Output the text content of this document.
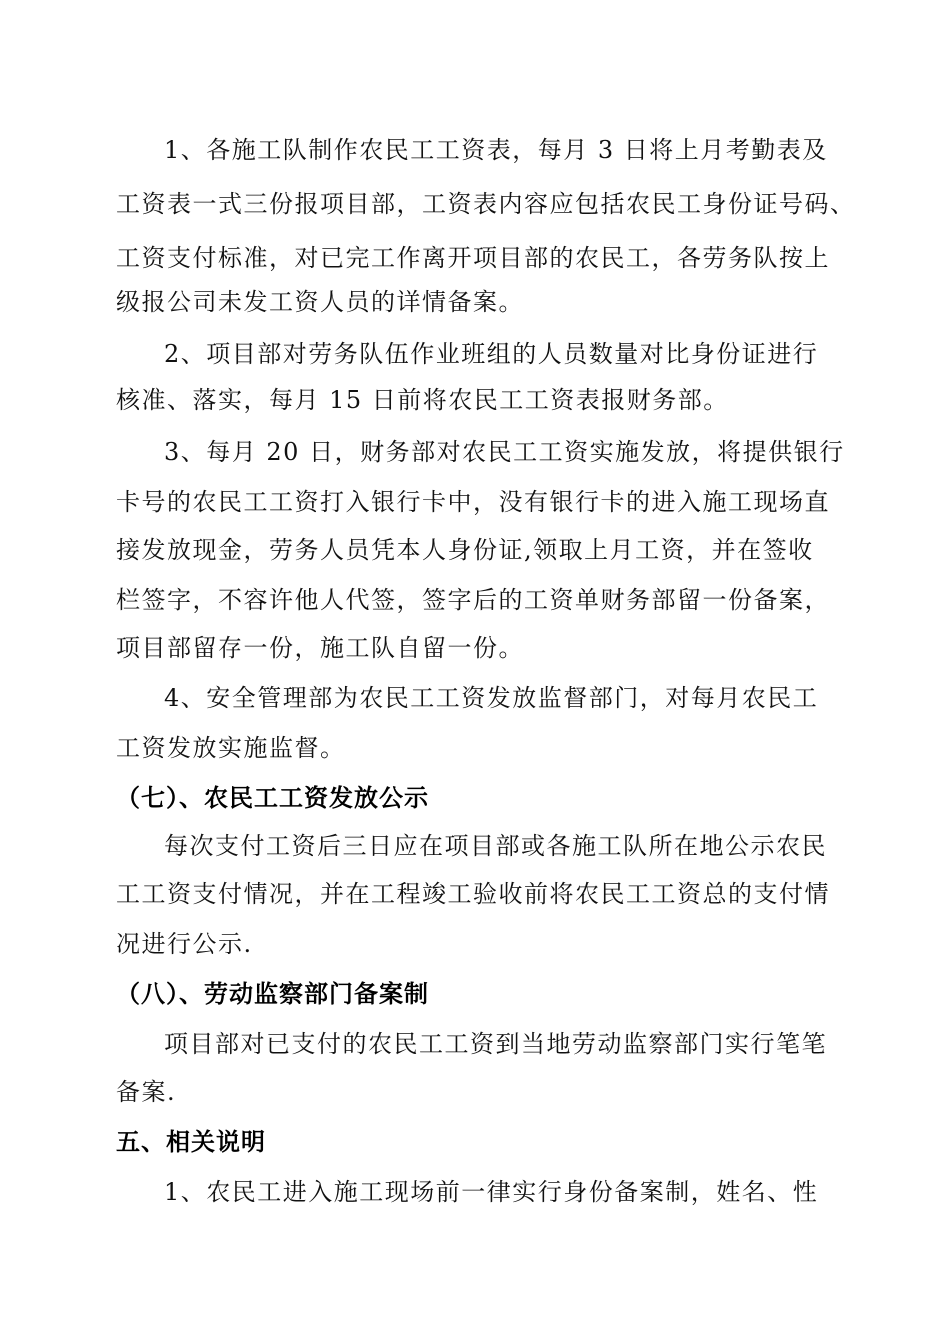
1、各施工队制作农民工工资表，每月 3 日将上月考勤表及
工资表一式三份报项目部，工资表内容应包括农民工身份证号码、
工资支付标准，对已完工作离开项目部的农民工，各劳务队按上
级报公司未发工资人员的详情备案。
2、项目部对劳务队伍作业班组的人员数量对比身份证进行
核准、落实，每月 15 日前将农民工工资表报财务部。
3、每月 20 日，财务部对农民工工资实施发放，将提供银行
卡号的农民工工资打入银行卡中，没有银行卡的进入施工现场直
接发放现金，劳务人员凭本人身份证,领取上月工资，并在签收
栏签字，不容许他人代签，签字后的工资单财务部留一份备案，
项目部留存一份，施工队自留一份。
4、安全管理部为农民工工资发放监督部门，对每月农民工
工资发放实施监督。
（七）、农民工工资发放公示
每次支付工资后三日应在项目部或各施工队所在地公示农民
工工资支付情况，并在工程竣工验收前将农民工工资总的支付情
况进行公示.
（八）、劳动监察部门备案制
项目部对已支付的农民工工资到当地劳动监察部门实行笔笔
备案.
五、相关说明
1、农民工进入施工现场前一律实行身份备案制，姓名、性
